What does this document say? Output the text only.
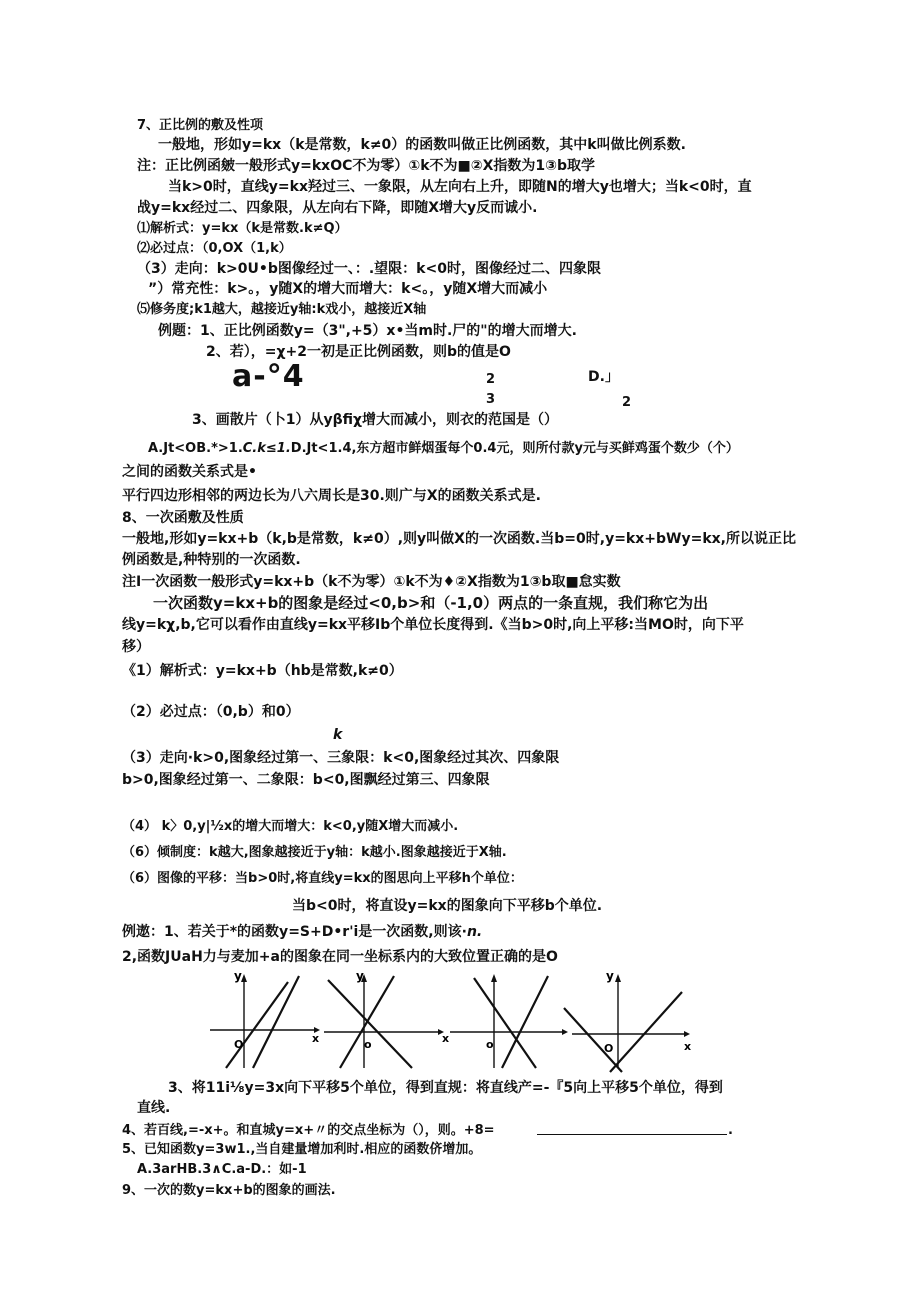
7、正比例的敷及性项
一般地，形如y=kx（k是常数，k≠0）的函数叫做正比例函数，其中k叫做比例系数.
注：正比例函皴一般形式y=kxOC不为零）①k不为■②X指数为1③b取学
当k>0时，直线y=kx羟过三、一象限，从左向右上升，即随N的增大y也增大；当k<0时，直
战y=kx经过二、四象限，从左向右下降，即随X增大y反而诚小.
⑴解析式：y=kx（k是常数.k≠Q）
⑵必过点：（0,OX（1,k）
（3）走向：k>0U•b图像经过一、：.望限：k<0时，图像经过二、四象限
”）常充性：k>。，y随X的增大而增大：k<。，y随X增大而减小
⑸修务度;k1越大，越接近y轴:k戏小，越接近X轴
例题：1、正比例函数y=（3",+5）x•当m时.尸的"的增大而增大.
2、若），=χ+2一初是正比例函数，则b的值是O
a-°4	2	D.」
3	2
3、画散片（卜1）从yβfiχ增大而减小，则衣的范国是（）
A.Jt<OB.*>1.C.k≤1.D.Jt<1.4,东方超市鲜烟蛋每个0.4元，则所付款y元与买鲜鸡蛋个数少（个）
之间的函数关系式是•
平行四边形相邻的两边长为八六周长是30.则广与X的函数关系式是.
8、一次函敷及性质
一般地,形如y=kx+b（k,b是常数，k≠0）,则y叫做X的一次函数.当b=0时,y=kx+bWy=kx,所以说正比
例函数是,种特别的一次函数.
注I一次函数一般形式y=kx+b（k不为零）①k不为♦②X指数为1③b取■怠实数
一次函数y=kx+b的图象是经过<0,b>和（-1,0）两点的一条直规，我们称它为出
线y=kχ,b,它可以看作由直线y=kx平移Ib个单位长度得到.《当b>0时,向上平移:当MO时，向下平
移）
《1）解析式：y=kx+b（hb是常数,k≠0）
（2）必过点：（0,b）和0）
k
（3）走向·k>0,图象经过第一、三象限：k<0,图象经过其次、四象限
b>0,图象经过第一、二象限：b<0,图飘经过第三、四象限
（4） k〉0,y|½x的增大而增大：k<0,y随X增大而减小.
（6）倾制度：k越大,图象越接近于y轴：k越小.图象越接近于X轴.
（6）图像的平移：当b>0时,将直线y=kx的图思向上平移h个单位：
当b<0时，将直设y=kx的图象向下平移b个单位.
例遨：1、若关于*的函数y=S+D•r'i是一次函数,则该·n.
2,函数JUaH力与麦加+a的图象在同一坐标系内的大致位置正确的是O
y
O
y
x	o	x	o
y
x
O
3、将11i⅛y=3x向下平移5个单位，得到直规：将直线产=-『5向上平移5个单位，得到
直线.
4、若百线,=-x+。和直城y=x+〃的交点坐标为（），则。+8=	.
5、已知函数y=3w1.,当自建量增加利时.相应的函数侪增加。
A.3arHB.3∧C.a-D.：如-1
9、一次的数y=kx+b的图象的画法.
